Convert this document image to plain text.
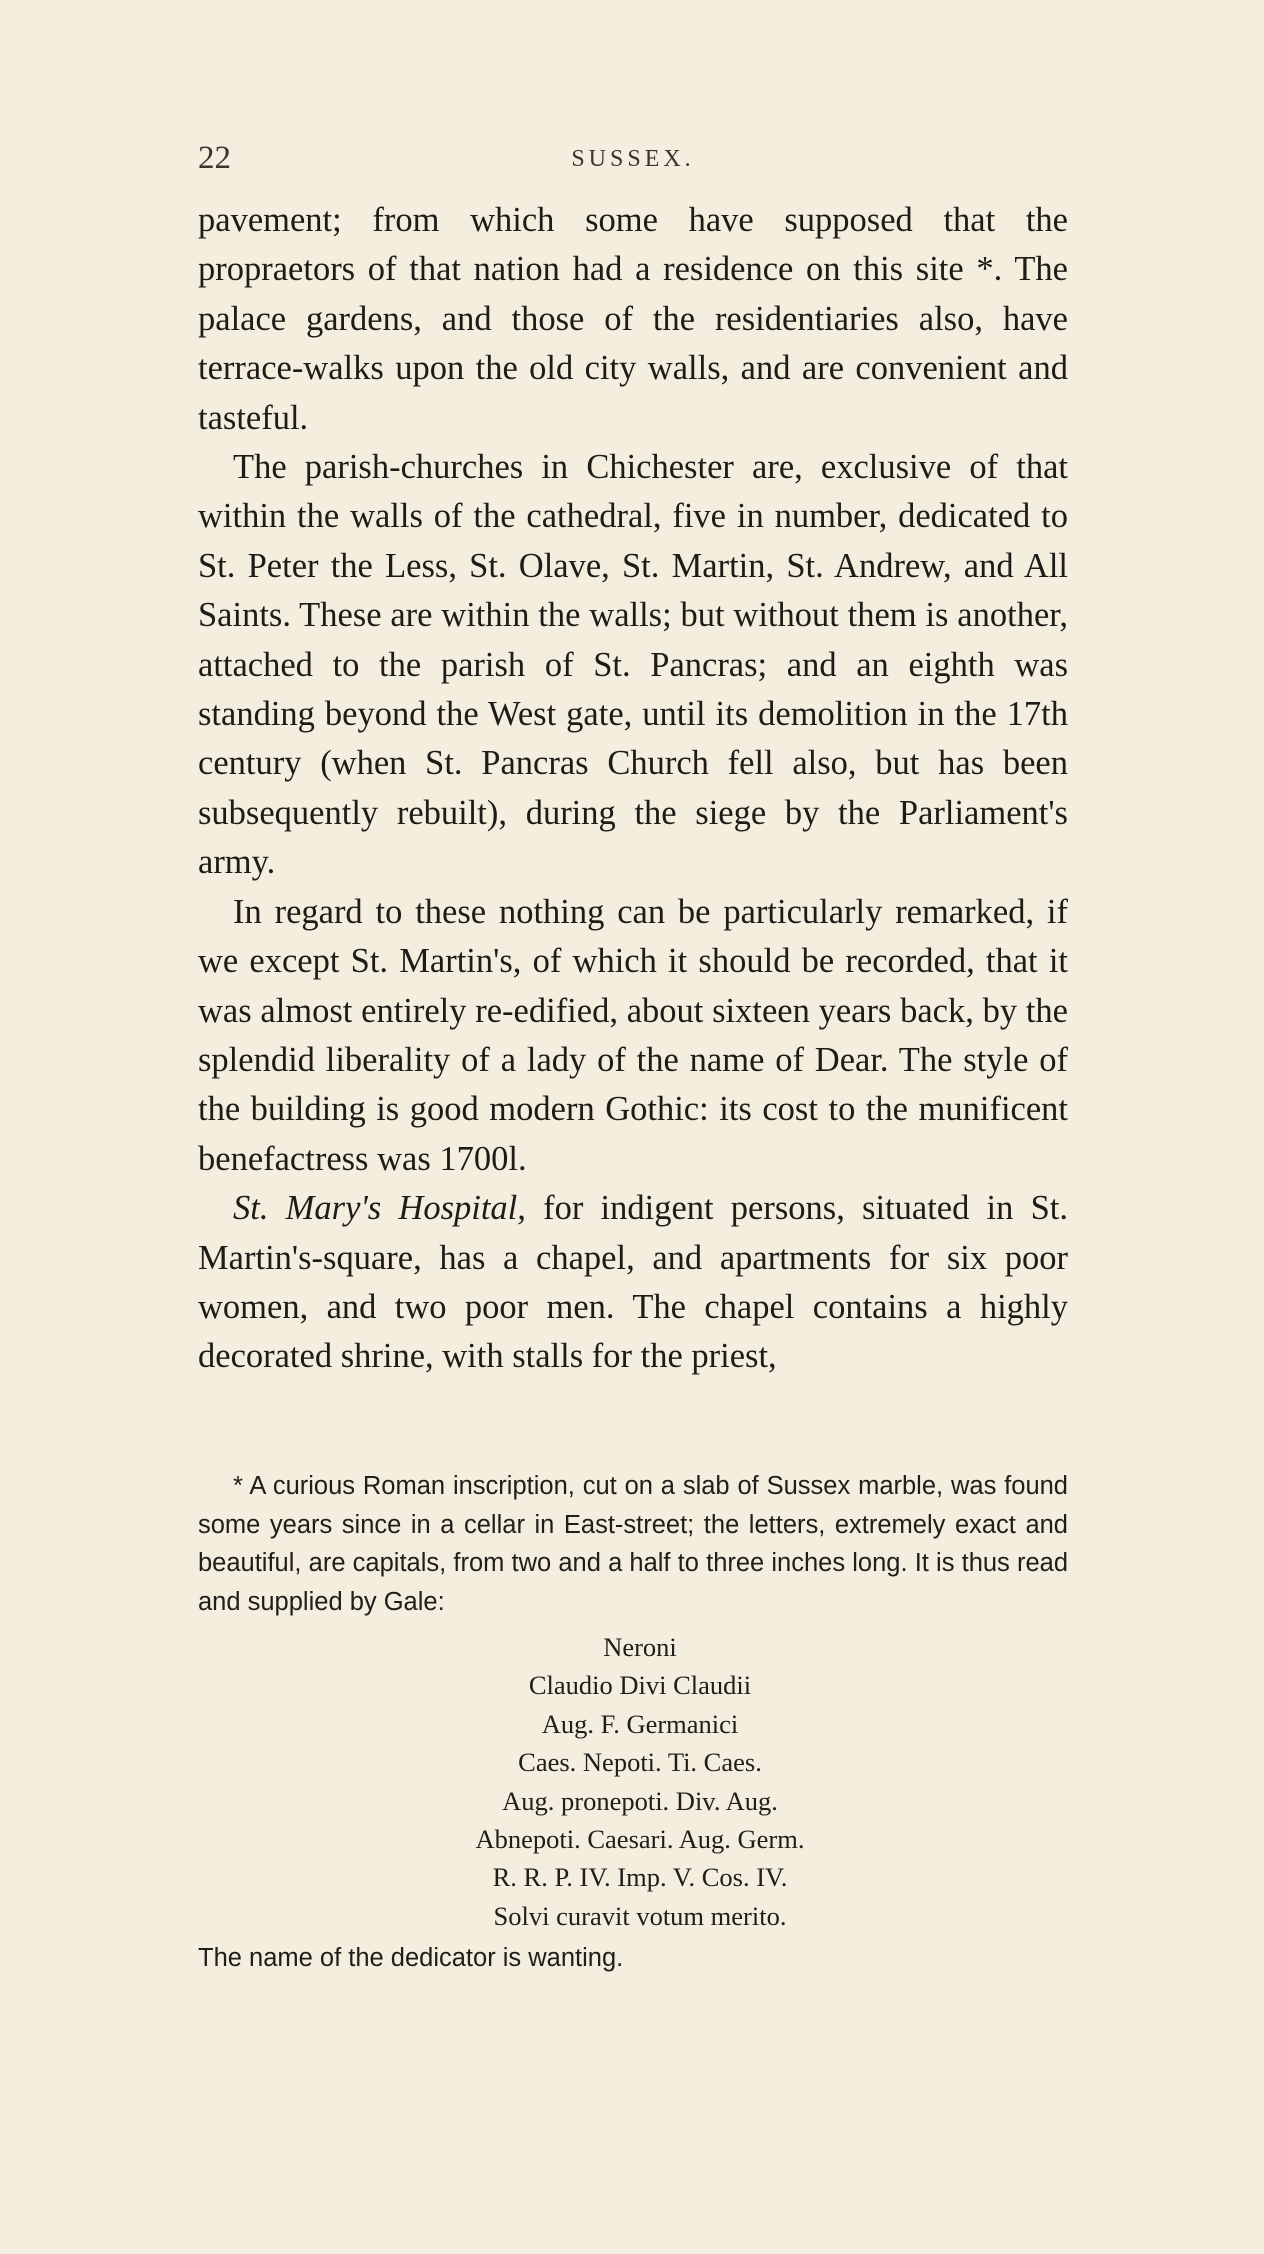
22	SUSSEX.

pavement; from which some have supposed that the propraetors of that nation had a residence on this site *. The palace gardens, and those of the residentiaries also, have terrace-walks upon the old city walls, and are convenient and tasteful.

The parish-churches in Chichester are, exclusive of that within the walls of the cathedral, five in number, dedicated to St. Peter the Less, St. Olave, St. Martin, St. Andrew, and All Saints. These are within the walls; but without them is another, attached to the parish of St. Pancras; and an eighth was standing beyond the West gate, until its demolition in the 17th century (when St. Pancras Church fell also, but has been subsequently rebuilt), during the siege by the Parliament's army.

In regard to these nothing can be particularly remarked, if we except St. Martin's, of which it should be recorded, that it was almost entirely re-edified, about sixteen years back, by the splendid liberality of a lady of the name of Dear. The style of the building is good modern Gothic: its cost to the munificent benefactress was 1700l.

St. Mary's Hospital, for indigent persons, situated in St. Martin's-square, has a chapel, and apartments for six poor women, and two poor men. The chapel contains a highly decorated shrine, with stalls for the priest,

* A curious Roman inscription, cut on a slab of Sussex marble, was found some years since in a cellar in East-street; the letters, extremely exact and beautiful, are capitals, from two and a half to three inches long. It is thus read and supplied by Gale:

Neroni
Claudio Divi Claudii
Aug. F. Germanici
Caes. Nepoti. Ti. Caes.
Aug. pronepoti. Div. Aug.
Abnepoti. Caesari. Aug. Germ.
R. R. P. IV. Imp. V. Cos. IV.
Solvi curavit votum merito.

The name of the dedicator is wanting.
